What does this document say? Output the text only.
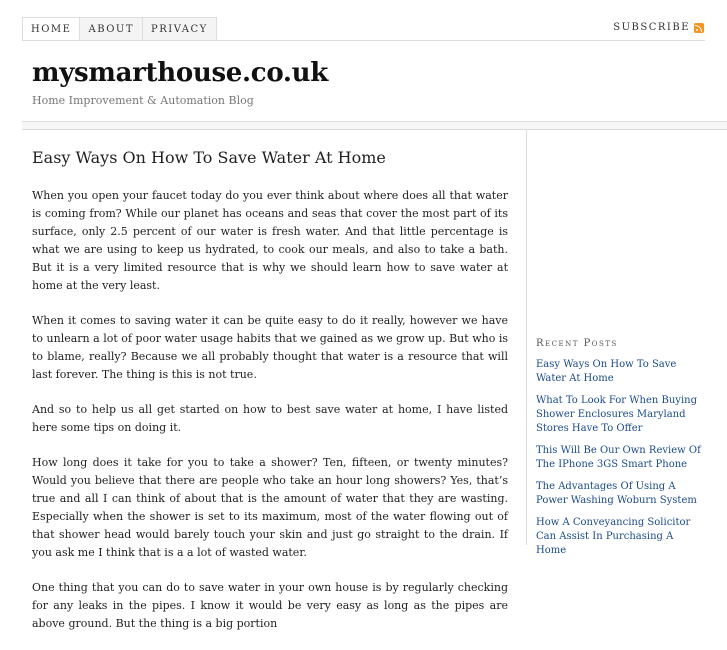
HOME	ABOUT	PRIVACY	SUBSCRIBE
mysmarthouse.co.uk
Home Improvement & Automation Blog
Easy Ways On How To Save Water At Home

When you open your faucet today do you ever think about where does all that water is coming from? While our planet has oceans and seas that cover the most part of its surface, only 2.5 percent of our water is fresh water. And that little percentage is what we are using to keep us hydrated, to cook our meals, and also to take a bath. But it is a very limited resource that is why we should learn how to save water at home at the very least.

When it comes to saving water it can be quite easy to do it really, however we have to unlearn a lot of poor water usage habits that we gained as we grow up. But who is to blame, really? Because we all probably thought that water is a resource that will last forever. The thing is this is not true.

And so to help us all get started on how to best save water at home, I have listed here some tips on doing it.

How long does it take for you to take a shower? Ten, fifteen, or twenty minutes? Would you believe that there are people who take an hour long showers? Yes, that’s true and all I can think of about that is the amount of water that they are wasting. Especially when the shower is set to its maximum, most of the water flowing out of that shower head would barely touch your skin and just go straight to the drain. If you ask me I think that is a a lot of wasted water.

One thing that you can do to save water in your own house is by regularly checking for any leaks in the pipes. I know it would be very easy as long as the pipes are above ground. But the thing is a big portion

Recent Posts
Easy Ways On How To Save Water At Home
What To Look For When Buying Shower Enclosures Maryland Stores Have To Offer
This Will Be Our Own Review Of The IPhone 3GS Smart Phone
The Advantages Of Using A Power Washing Woburn System
How A Conveyancing Solicitor Can Assist In Purchasing A Home
